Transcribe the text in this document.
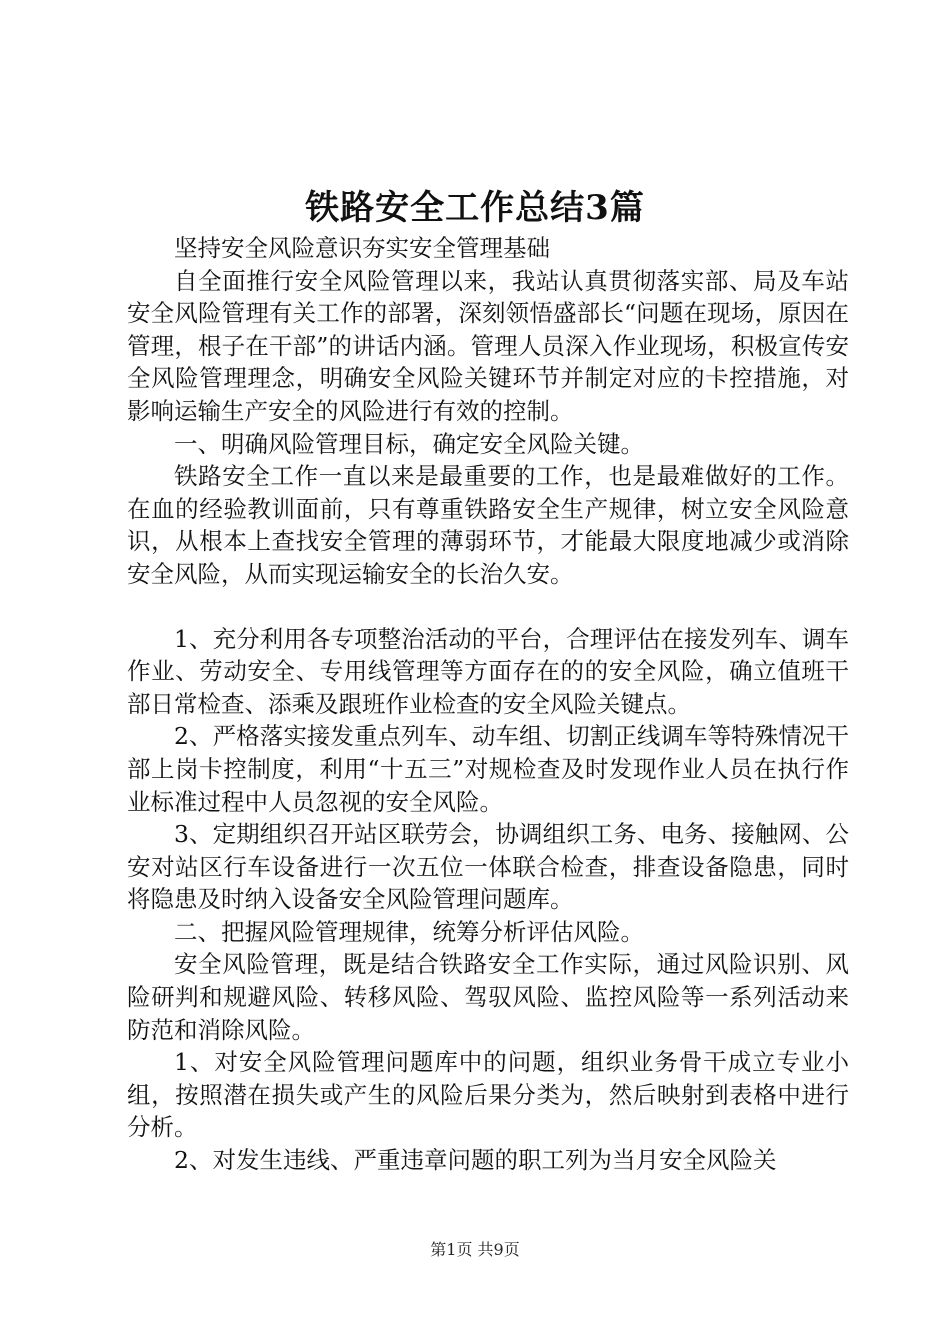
铁路安全工作总结3篇

坚持安全风险意识夯实安全管理基础

自全面推行安全风险管理以来，我站认真贯彻落实部、局及车站安全风险管理有关工作的部署，深刻领悟盛部长“问题在现场，原因在管理，根子在干部”的讲话内涵。管理人员深入作业现场，积极宣传安全风险管理理念，明确安全风险关键环节并制定对应的卡控措施，对影响运输生产安全的风险进行有效的控制。

一、明确风险管理目标，确定安全风险关键。

铁路安全工作一直以来是最重要的工作，也是最难做好的工作。在血的经验教训面前，只有尊重铁路安全生产规律，树立安全风险意识，从根本上查找安全管理的薄弱环节，才能最大限度地减少或消除安全风险，从而实现运输安全的长治久安。

1、充分利用各专项整治活动的平台，合理评估在接发列车、调车作业、劳动安全、专用线管理等方面存在的的安全风险，确立值班干部日常检查、添乘及跟班作业检查的安全风险关键点。

2、严格落实接发重点列车、动车组、切割正线调车等特殊情况干部上岗卡控制度，利用“十五三”对规检查及时发现作业人员在执行作业标准过程中人员忽视的安全风险。

3、定期组织召开站区联劳会，协调组织工务、电务、接触网、公安对站区行车设备进行一次五位一体联合检查，排查设备隐患，同时将隐患及时纳入设备安全风险管理问题库。

二、把握风险管理规律，统筹分析评估风险。

安全风险管理，既是结合铁路安全工作实际，通过风险识别、风险研判和规避风险、转移风险、驾驭风险、监控风险等一系列活动来防范和消除风险。

1、对安全风险管理问题库中的问题，组织业务骨干成立专业小组，按照潜在损失或产生的风险后果分类为，然后映射到表格中进行分析。

2、对发生违线、严重违章问题的职工列为当月安全风险关

第1页 共9页
